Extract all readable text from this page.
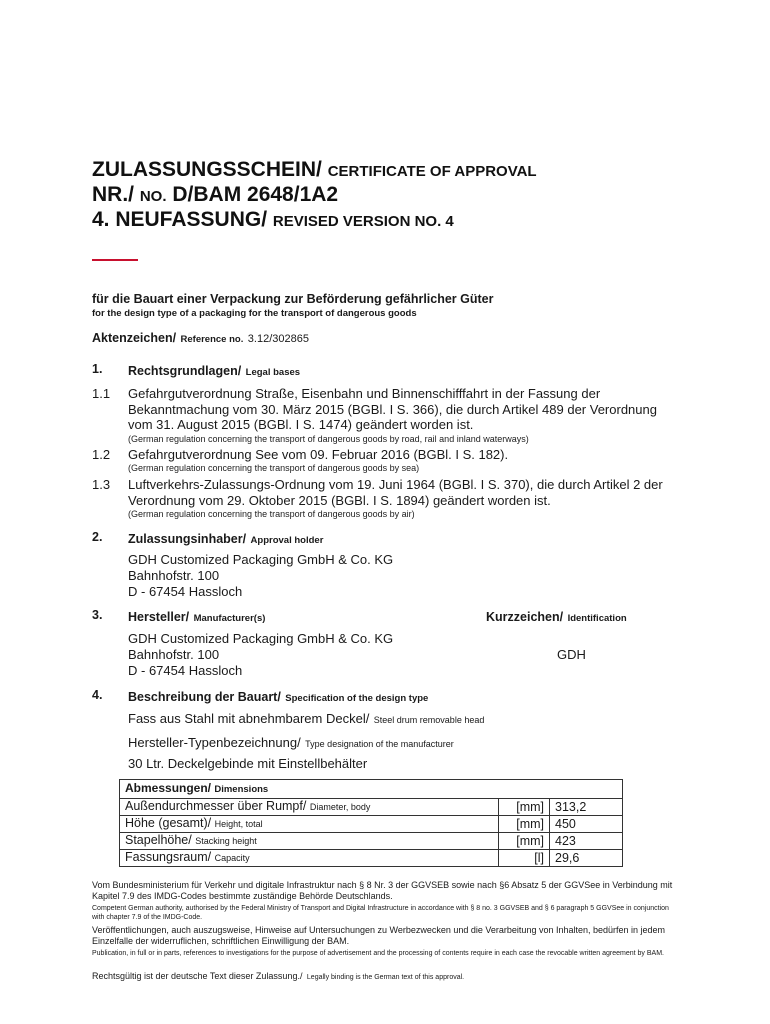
ZULASSUNGSSCHEIN/ CERTIFICATE OF APPROVAL
NR./ NO. D/BAM 2648/1A2
4. NEUFASSUNG/ REVISED VERSION NO. 4
für die Bauart einer Verpackung zur Beförderung gefährlicher Güter
for the design type of a packaging for the transport of dangerous goods
Aktenzeichen/ Reference no. 3.12/302865
1. Rechtsgrundlagen/ Legal bases
1.1 Gefahrgutverordnung Straße, Eisenbahn und Binnenschifffahrt in der Fassung der
Bekanntmachung vom 30. März 2015 (BGBl. I S. 366), die durch Artikel 489 der Verordnung
vom 31. August 2015 (BGBl. I S. 1474) geändert worden ist.
(German regulation concerning the transport of dangerous goods by road, rail and inland waterways)
1.2 Gefahrgutverordnung See vom 09. Februar 2016 (BGBl. I S. 182).
(German regulation concerning the transport of dangerous goods by sea)
1.3 Luftverkehrs-Zulassungs-Ordnung vom 19. Juni 1964 (BGBl. I S. 370), die durch Artikel 2 der
Verordnung vom 29. Oktober 2015 (BGBl. I S. 1894) geändert worden ist.
(German regulation concerning the transport of dangerous goods by air)
2. Zulassungsinhaber/ Approval holder
GDH Customized Packaging GmbH & Co. KG
Bahnhofstr. 100
D - 67454 Hassloch
3. Hersteller/ Manufacturer(s)	Kurzzeichen/ Identification
GDH Customized Packaging GmbH & Co. KG
Bahnhofstr. 100
D - 67454 Hassloch
GDH
4. Beschreibung der Bauart/ Specification of the design type
Fass aus Stahl mit abnehmbarem Deckel/ Steel drum removable head
Hersteller-Typenbezeichnung/ Type designation of the manufacturer
30 Ltr. Deckelgebinde mit Einstellbehälter
Abmessungen/ Dimensions		
Außendurchmesser über Rumpf/ Diameter, body	[mm]	313,2
Höhe (gesamt)/ Height, total	[mm]	450
Stapelhöhe/ Stacking height	[mm]	423
Fassungsraum/ Capacity	[l]	29,6
Vom Bundesministerium für Verkehr und digitale Infrastruktur nach § 8 Nr. 3 der GGVSEB sowie nach §6 Absatz 5 der GGVSee in Verbindung mit Kapitel 7.9 des IMDG-Codes bestimmte zuständige Behörde Deutschlands.
Competent German authority, authorised by the Federal Ministry of Transport and Digital Infrastructure in accordance with § 8 no. 3 GGVSEB and § 6 paragraph 5 GGVSee in conjunction with chapter 7.9 of the IMDG-Code.
Veröffentlichungen, auch auszugsweise, Hinweise auf Untersuchungen zu Werbezwecken und die Verarbeitung von Inhalten, bedürfen in jedem Einzelfalle der widerruflichen, schriftlichen Einwilligung der BAM.
Publication, in full or in parts, references to investigations for the purpose of advertisement and the processing of contents require in each case the revocable written agreement by BAM.
Rechtsgültig ist der deutsche Text dieser Zulassung./ Legally binding is the German text of this approval.
